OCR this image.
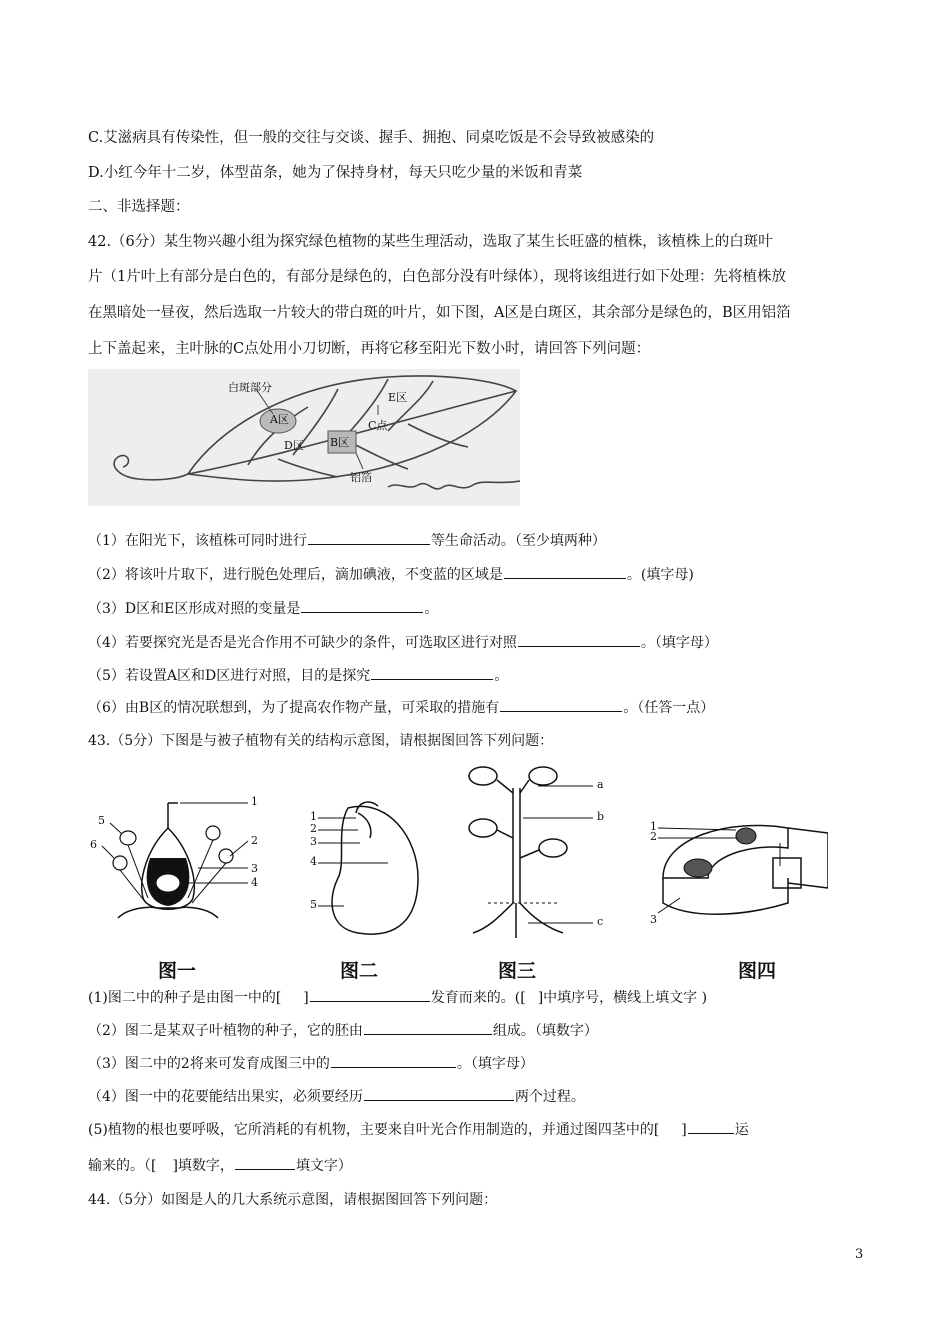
C.艾滋病具有传染性，但一般的交往与交谈、握手、拥抱、同桌吃饭是不会导致被感染的
D.小红今年十二岁，体型苗条，她为了保持身材，每天只吃少量的米饭和青菜
二、非选择题：
42.（6分）某生物兴趣小组为探究绿色植物的某些生理活动，选取了某生长旺盛的植株，该植株上的白斑叶
片（1片叶上有部分是白色的，有部分是绿色的，白色部分没有叶绿体），现将该组进行如下处理：先将植株放
在黑暗处一昼夜，然后选取一片较大的带白斑的叶片，如下图，A区是白斑区，其余部分是绿色的，B区用铝箔
上下盖起来，主叶脉的C点处用小刀切断，再将它移至阳光下数小时，请回答下列问题：
白斑部分
A区
B区
C点
D区
E区
铝箔
（1）在阳光下，该植株可同时进行	等生命活动。（至少填两种）
（2）将该叶片取下，进行脱色处理后，滴加碘液，不变蓝的区域是	。(填字母)
（3）D区和E区形成对照的变量是	。
（4）若要探究光是否是光合作用不可缺少的条件，可选取区进行对照	。（填字母）
（5）若设置A区和D区进行对照，目的是探究	。
（6）由B区的情况联想到，为了提高农作物产量，可采取的措施有	。（任答一点）
43.（5分）下图是与被子植物有关的结构示意图，请根据图回答下列问题：
1
2
3
4
5
6
1
2
3
4
5
a
b
c
1
2
3
图一	图二	图三	图四
(1)图二中的种子是由图一中的[ ]	发育而来的。([ ]中填序号，横线上填文字 )
（2）图二是某双子叶植物的种子，它的胚由	组成。（填数字）
（3）图二中的2将来可发育成图三中的	。（填字母）
（4）图一中的花要能结出果实，必须要经历	两个过程。
(5)植物的根也要呼吸，它所消耗的有机物，主要来自叶光合作用制造的，并通过图四茎中的[ ]	运
输来的。（[ ]填数字，	填文字）
44.（5分）如图是人的几大系统示意图，请根据图回答下列问题：
3
